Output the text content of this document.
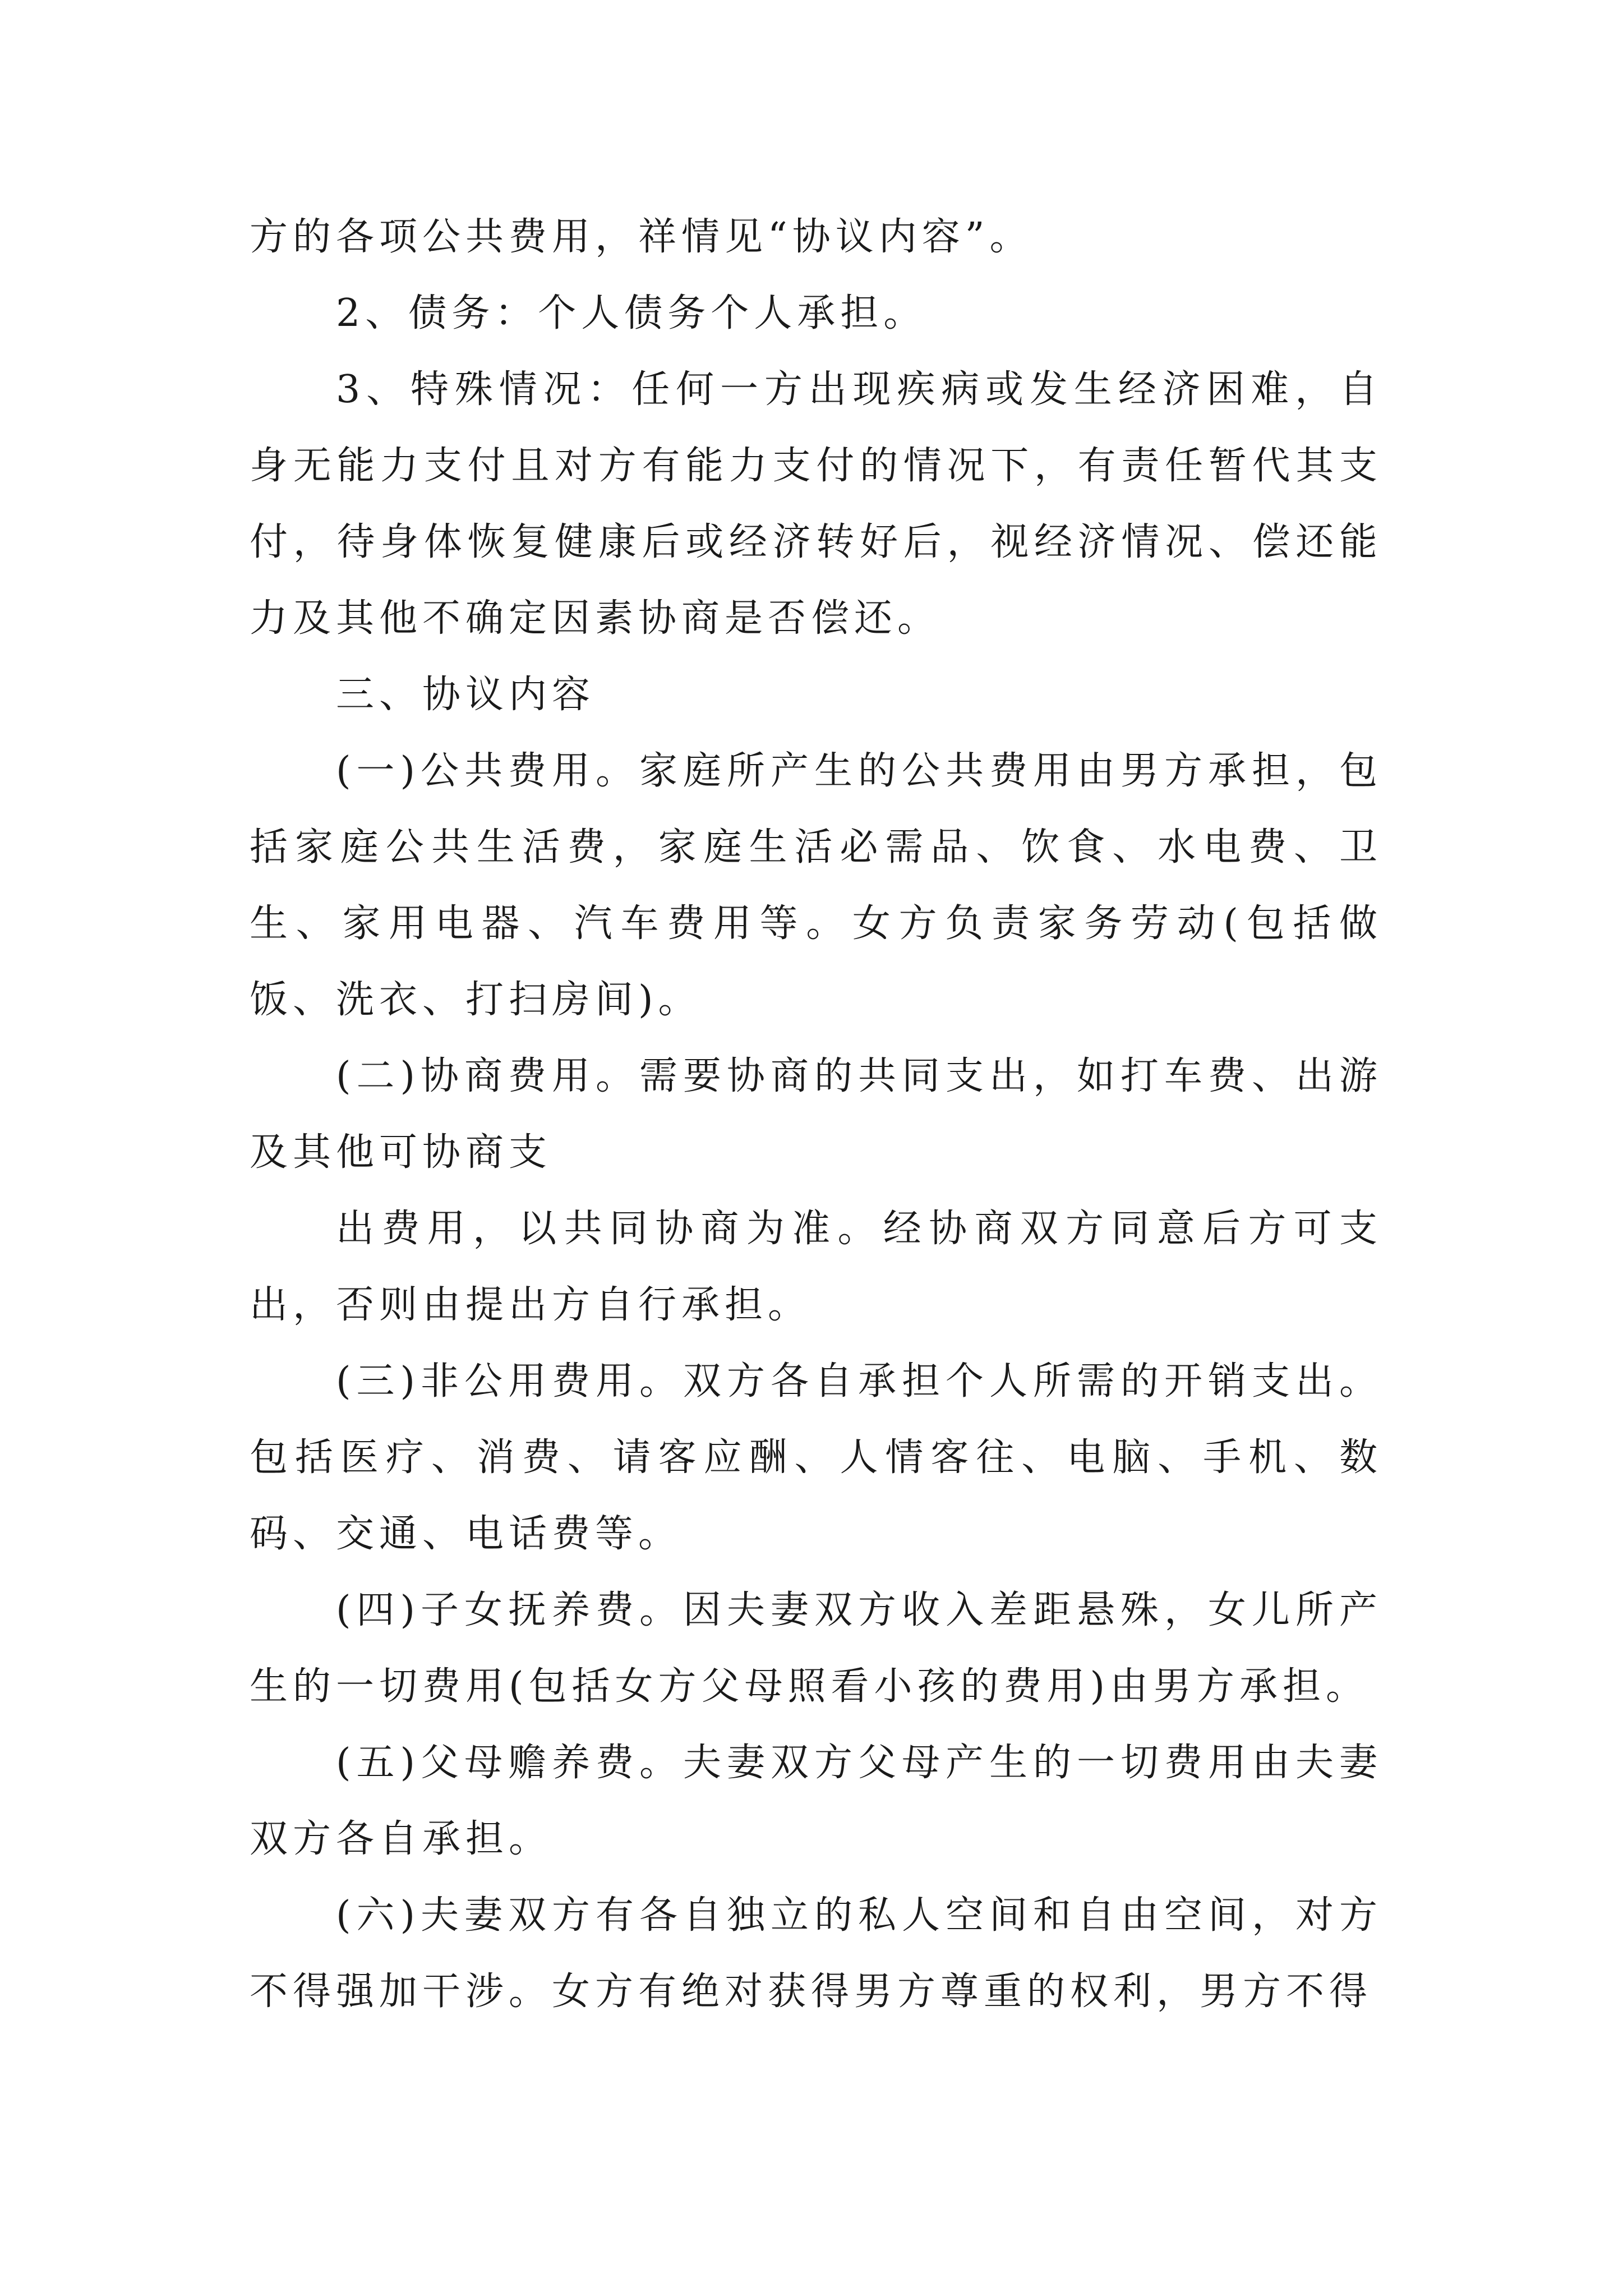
方的各项公共费用，祥情见“协议内容”。

2、债务：个人债务个人承担。

3、特殊情况：任何一方出现疾病或发生经济困难，自身无能力支付且对方有能力支付的情况下，有责任暂代其支付，待身体恢复健康后或经济转好后，视经济情况、偿还能力及其他不确定因素协商是否偿还。

三、协议内容

(一)公共费用。家庭所产生的公共费用由男方承担，包括家庭公共生活费，家庭生活必需品、饮食、水电费、卫生、家用电器、汽车费用等。女方负责家务劳动(包括做饭、洗衣、打扫房间)。

(二)协商费用。需要协商的共同支出，如打车费、出游及其他可协商支

出费用，以共同协商为准。经协商双方同意后方可支出，否则由提出方自行承担。

(三)非公用费用。双方各自承担个人所需的开销支出。包括医疗、消费、请客应酬、人情客往、电脑、手机、数码、交通、电话费等。

(四)子女抚养费。因夫妻双方收入差距悬殊，女儿所产生的一切费用(包括女方父母照看小孩的费用)由男方承担。

(五)父母赡养费。夫妻双方父母产生的一切费用由夫妻双方各自承担。

(六)夫妻双方有各自独立的私人空间和自由空间，对方不得强加干涉。女方有绝对获得男方尊重的权利，男方不得
